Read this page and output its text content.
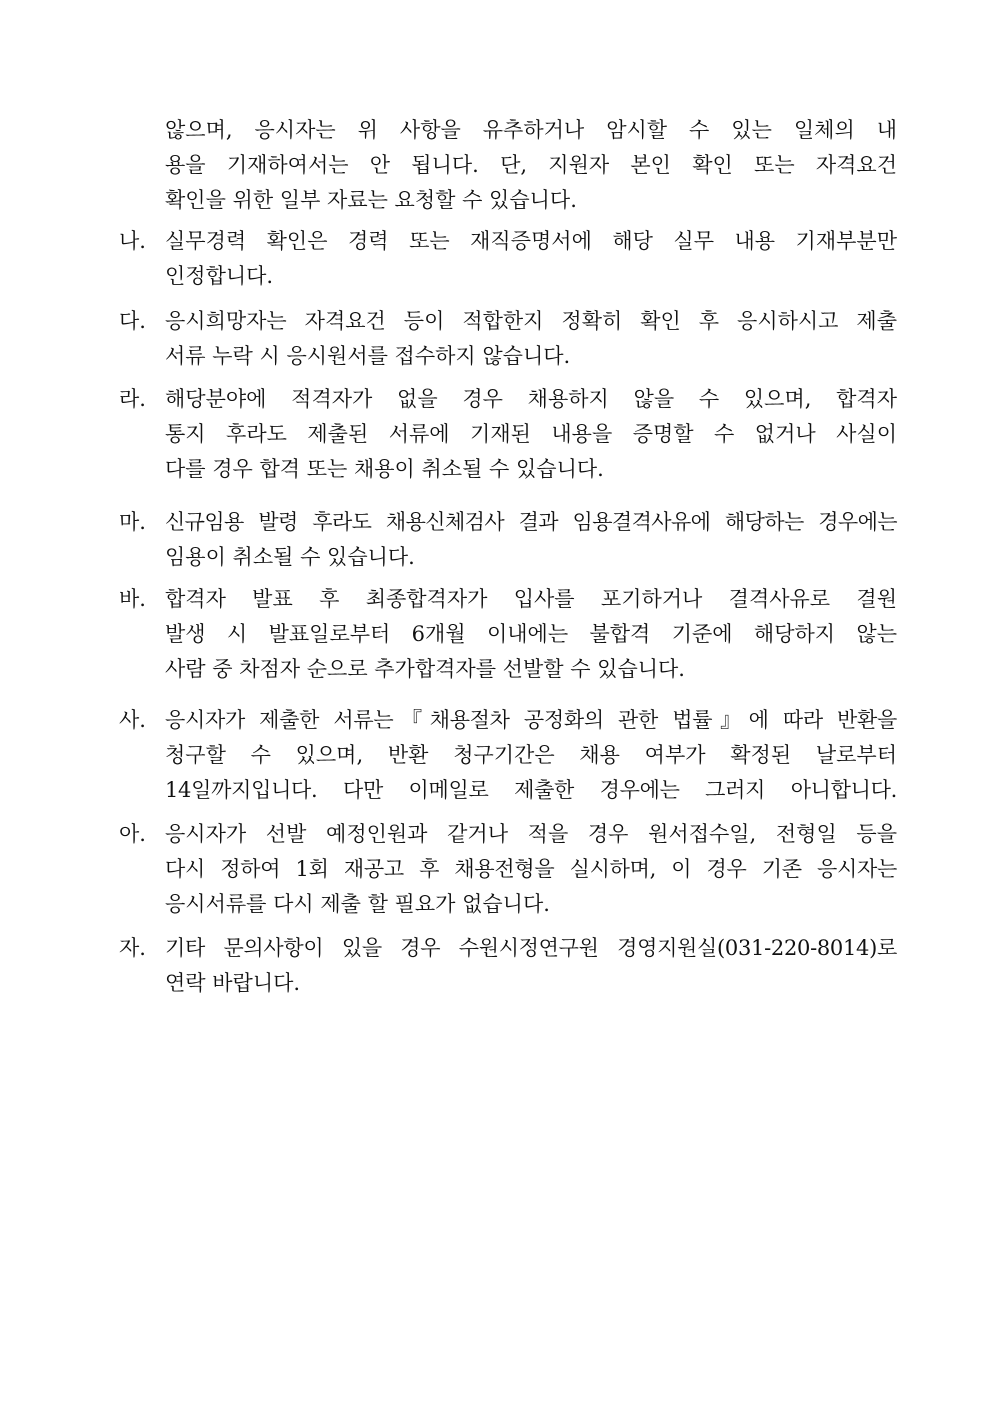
않으며, 응시자는 위 사항을 유추하거나 암시할 수 있는 일체의 내
용을 기재하여서는 안 됩니다. 단, 지원자 본인 확인 또는 자격요건
확인을 위한 일부 자료는 요청할 수 있습니다.
나. 실무경력 확인은 경력 또는 재직증명서에 해당 실무 내용 기재부분만
인정합니다.
다. 응시희망자는 자격요건 등이 적합한지 정확히 확인 후 응시하시고 제출
서류 누락 시 응시원서를 접수하지 않습니다.
라. 해당분야에 적격자가 없을 경우 채용하지 않을 수 있으며, 합격자
통지 후라도 제출된 서류에 기재된 내용을 증명할 수 없거나 사실이
다를 경우 합격 또는 채용이 취소될 수 있습니다.
마. 신규임용 발령 후라도 채용신체검사 결과 임용결격사유에 해당하는 경우에는
임용이 취소될 수 있습니다.
바. 합격자 발표 후 최종합격자가 입사를 포기하거나 결격사유로 결원
발생 시 발표일로부터 6개월 이내에는 불합격 기준에 해당하지 않는
사람 중 차점자 순으로 추가합격자를 선발할 수 있습니다.
사. 응시자가 제출한 서류는『채용절차 공정화의 관한 법률』에 따라 반환을
청구할 수 있으며, 반환 청구기간은 채용 여부가 확정된 날로부터
14일까지입니다. 다만 이메일로 제출한 경우에는 그러지 아니합니다.
아. 응시자가 선발 예정인원과 같거나 적을 경우 원서접수일, 전형일 등을
다시 정하여 1회 재공고 후 채용전형을 실시하며, 이 경우 기존 응시자는
응시서류를 다시 제출 할 필요가 없습니다.
자. 기타 문의사항이 있을 경우 수원시정연구원 경영지원실(031-220-8014)로
연락 바랍니다.
